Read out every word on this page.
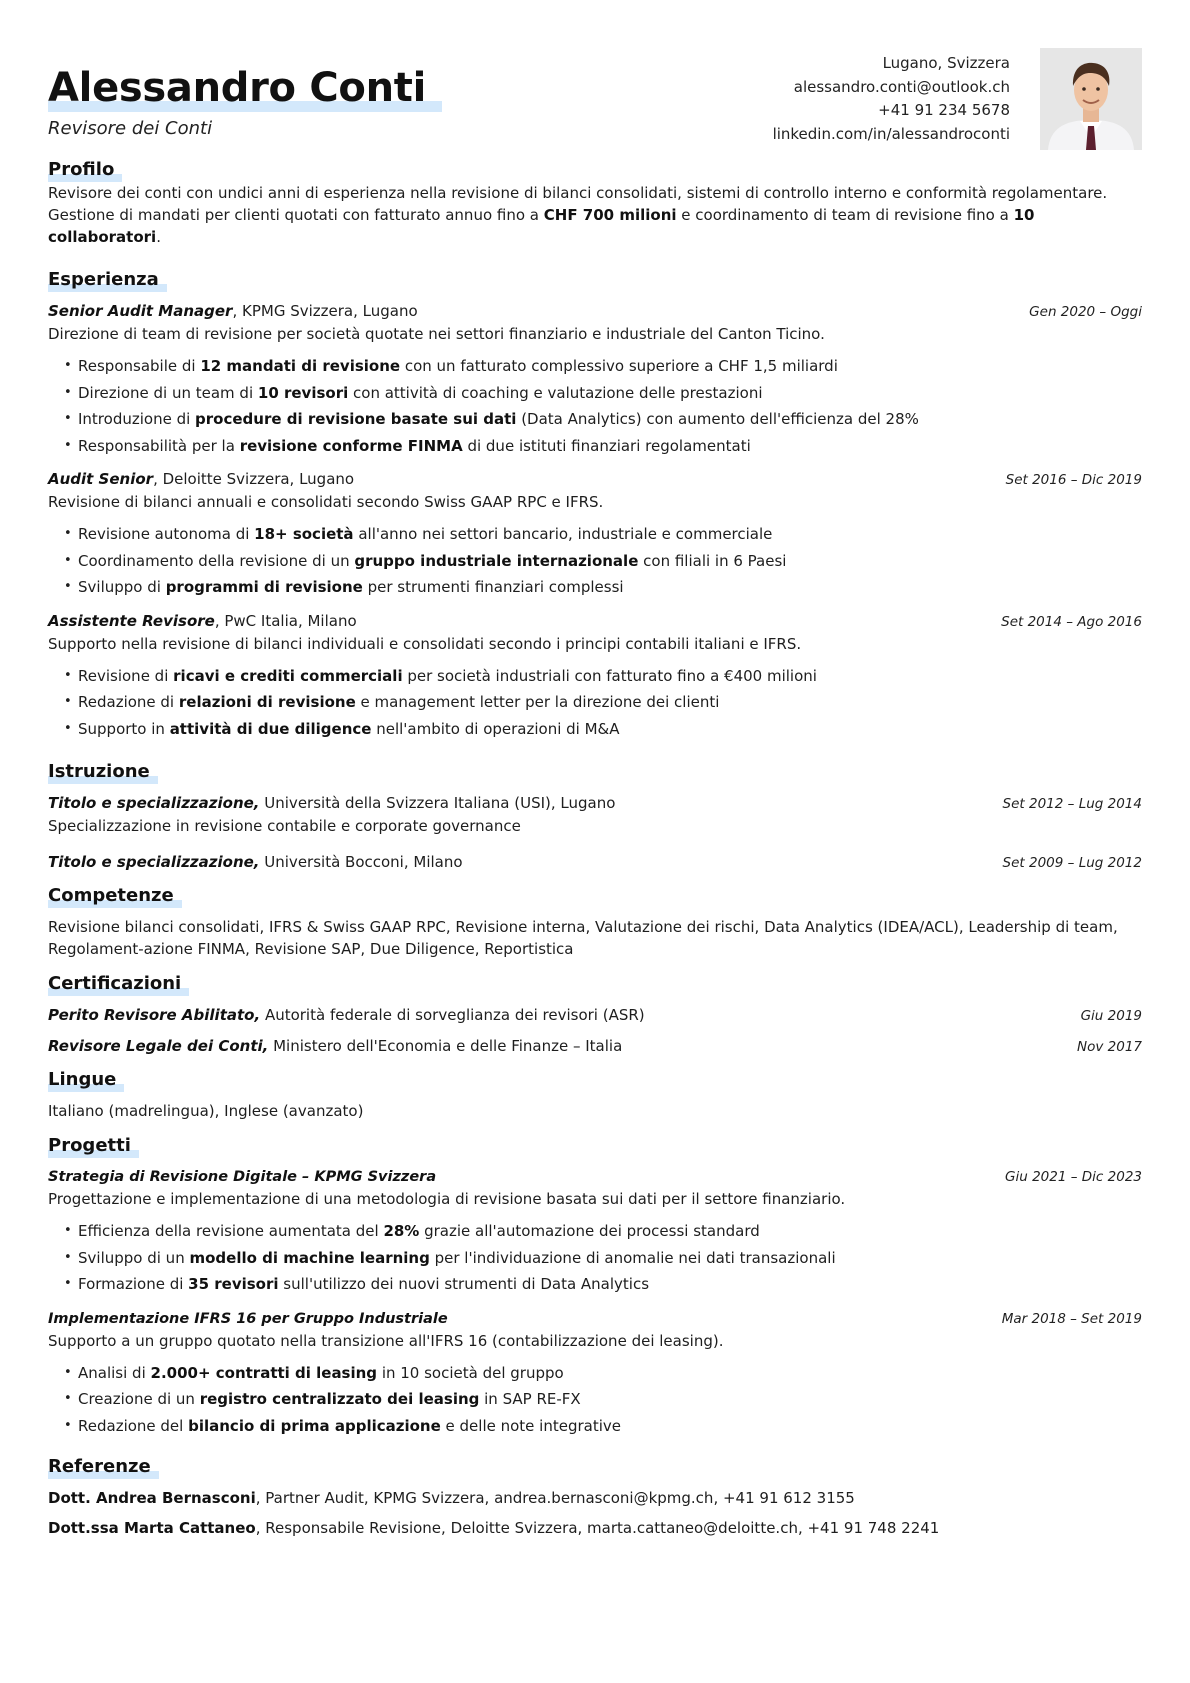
Alessandro Conti
Revisore dei Conti
Lugano, Svizzera
alessandro.conti@outlook.ch
+41 91 234 5678
linkedin.com/in/alessandroconti
Profilo
Revisore dei conti con undici anni di esperienza nella revisione di bilanci consolidati, sistemi di controllo interno e conformità regolamentare. Gestione di mandati per clienti quotati con fatturato annuo fino a CHF 700 milioni e coordinamento di team di revisione fino a 10 collaboratori.
Esperienza
Senior Audit Manager, KPMG Svizzera, Lugano	Gen 2020 – Oggi
Direzione di team di revisione per società quotate nei settori finanziario e industriale del Canton Ticino.
• Responsabile di 12 mandati di revisione con un fatturato complessivo superiore a CHF 1,5 miliardi
• Direzione di un team di 10 revisori con attività di coaching e valutazione delle prestazioni
• Introduzione di procedure di revisione basate sui dati (Data Analytics) con aumento dell'efficienza del 28%
• Responsabilità per la revisione conforme FINMA di due istituti finanziari regolamentati
Audit Senior, Deloitte Svizzera, Lugano	Set 2016 – Dic 2019
Revisione di bilanci annuali e consolidati secondo Swiss GAAP RPC e IFRS.
• Revisione autonoma di 18+ società all'anno nei settori bancario, industriale e commerciale
• Coordinamento della revisione di un gruppo industriale internazionale con filiali in 6 Paesi
• Sviluppo di programmi di revisione per strumenti finanziari complessi
Assistente Revisore, PwC Italia, Milano	Set 2014 – Ago 2016
Supporto nella revisione di bilanci individuali e consolidati secondo i principi contabili italiani e IFRS.
• Revisione di ricavi e crediti commerciali per società industriali con fatturato fino a €400 milioni
• Redazione di relazioni di revisione e management letter per la direzione dei clienti
• Supporto in attività di due diligence nell'ambito di operazioni di M&A
Istruzione
Titolo e specializzazione, Università della Svizzera Italiana (USI), Lugano	Set 2012 – Lug 2014
Specializzazione in revisione contabile e corporate governance
Titolo e specializzazione, Università Bocconi, Milano	Set 2009 – Lug 2012
Competenze
Revisione bilanci consolidati, IFRS & Swiss GAAP RPC, Revisione interna, Valutazione dei rischi, Data Analytics (IDEA/ACL), Leadership di team, Regolament-azione FINMA, Revisione SAP, Due Diligence, Reportistica
Certificazioni
Perito Revisore Abilitato, Autorità federale di sorveglianza dei revisori (ASR)	Giu 2019
Revisore Legale dei Conti, Ministero dell'Economia e delle Finanze – Italia	Nov 2017
Lingue
Italiano (madrelingua), Inglese (avanzato)
Progetti
Strategia di Revisione Digitale – KPMG Svizzera	Giu 2021 – Dic 2023
Progettazione e implementazione di una metodologia di revisione basata sui dati per il settore finanziario.
• Efficienza della revisione aumentata del 28% grazie all'automazione dei processi standard
• Sviluppo di un modello di machine learning per l'individuazione di anomalie nei dati transazionali
• Formazione di 35 revisori sull'utilizzo dei nuovi strumenti di Data Analytics
Implementazione IFRS 16 per Gruppo Industriale	Mar 2018 – Set 2019
Supporto a un gruppo quotato nella transizione all'IFRS 16 (contabilizzazione dei leasing).
• Analisi di 2.000+ contratti di leasing in 10 società del gruppo
• Creazione di un registro centralizzato dei leasing in SAP RE-FX
• Redazione del bilancio di prima applicazione e delle note integrative
Referenze
Dott. Andrea Bernasconi, Partner Audit, KPMG Svizzera, andrea.bernasconi@kpmg.ch, +41 91 612 3155
Dott.ssa Marta Cattaneo, Responsabile Revisione, Deloitte Svizzera, marta.cattaneo@deloitte.ch, +41 91 748 2241
